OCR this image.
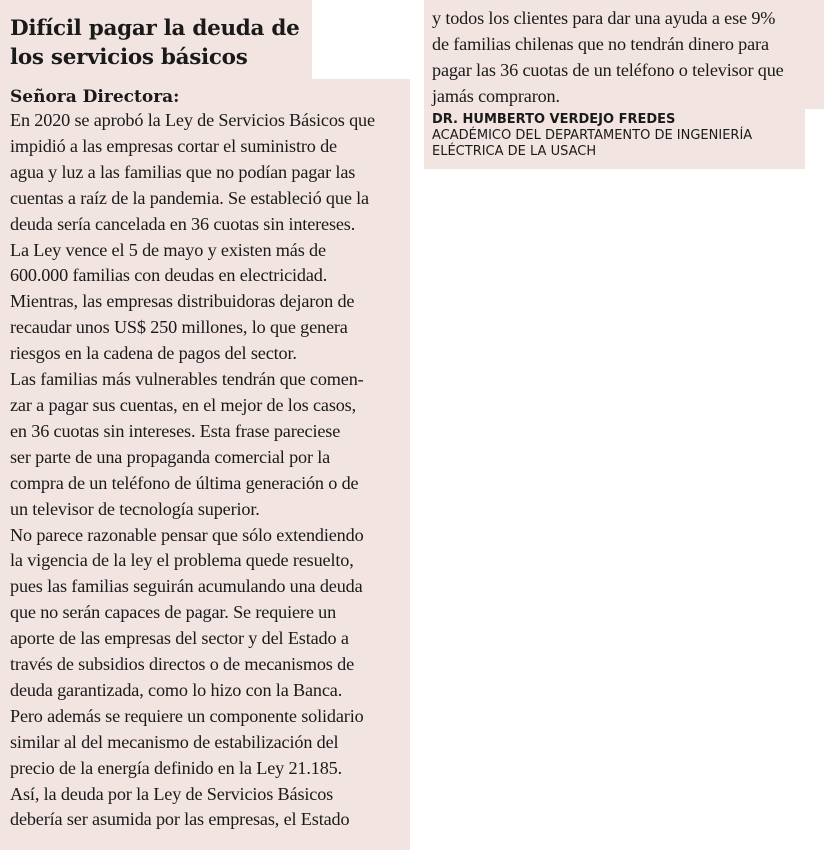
Difícil pagar la deuda de
los servicios básicos

Señora Directora:

En 2020 se aprobó la Ley de Servicios Básicos que
impidió a las empresas cortar el suministro de
agua y luz a las familias que no podían pagar las
cuentas a raíz de la pandemia. Se estableció que la
deuda sería cancelada en 36 cuotas sin intereses.
La Ley vence el 5 de mayo y existen más de
600.000 familias con deudas en electricidad.
Mientras, las empresas distribuidoras dejaron de
recaudar unos US$ 250 millones, lo que genera
riesgos en la cadena de pagos del sector.
Las familias más vulnerables tendrán que comen-
zar a pagar sus cuentas, en el mejor de los casos,
en 36 cuotas sin intereses. Esta frase pareciese
ser parte de una propaganda comercial por la
compra de un teléfono de última generación o de
un televisor de tecnología superior.
No parece razonable pensar que sólo extendiendo
la vigencia de la ley el problema quede resuelto,
pues las familias seguirán acumulando una deuda
que no serán capaces de pagar. Se requiere un
aporte de las empresas del sector y del Estado a
través de subsidios directos o de mecanismos de
deuda garantizada, como lo hizo con la Banca.
Pero además se requiere un componente solidario
similar al del mecanismo de estabilización del
precio de la energía definido en la Ley 21.185.
Así, la deuda por la Ley de Servicios Básicos
debería ser asumida por las empresas, el Estado
y todos los clientes para dar una ayuda a ese 9%
de familias chilenas que no tendrán dinero para
pagar las 36 cuotas de un teléfono o televisor que
jamás compraron.

DR. HUMBERTO VERDEJO FREDES

ACADÉMICO DEL DEPARTAMENTO DE INGENIERÍA
ELÉCTRICA DE LA USACH
